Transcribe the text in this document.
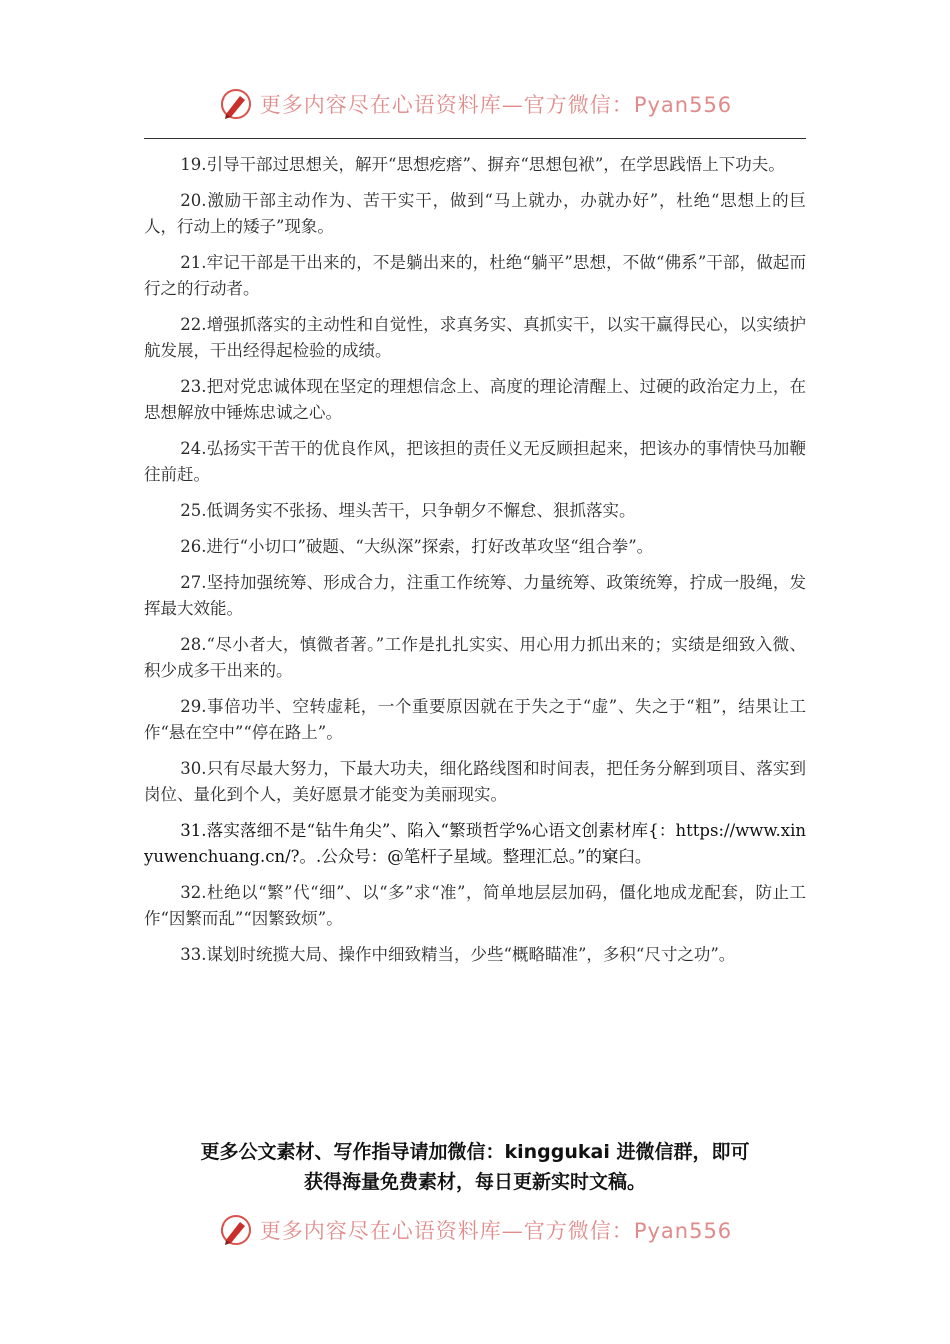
更多内容尽在心语资料库—官方微信：Pyan556

19.引导干部过思想关，解开“思想疙瘩”、摒弃“思想包袱”，在学思践悟上下功夫。

20.激励干部主动作为、苦干实干，做到“马上就办，办就办好”，杜绝“思想上的巨人，行动上的矮子”现象。

21.牢记干部是干出来的，不是躺出来的，杜绝“躺平”思想，不做“佛系”干部，做起而行之的行动者。

22.增强抓落实的主动性和自觉性，求真务实、真抓实干，以实干赢得民心，以实绩护航发展，干出经得起检验的成绩。

23.把对党忠诚体现在坚定的理想信念上、高度的理论清醒上、过硬的政治定力上，在思想解放中锤炼忠诚之心。

24.弘扬实干苦干的优良作风，把该担的责任义无反顾担起来，把该办的事情快马加鞭往前赶。

25.低调务实不张扬、埋头苦干，只争朝夕不懈怠、狠抓落实。

26.进行“小切口”破题、“大纵深”探索，打好改革攻坚“组合拳”。

27.坚持加强统筹、形成合力，注重工作统筹、力量统筹、政策统筹，拧成一股绳，发挥最大效能。

28.“尽小者大，慎微者著。”工作是扎扎实实、用心用力抓出来的；实绩是细致入微、积少成多干出来的。

29.事倍功半、空转虚耗，一个重要原因就在于失之于“虚”、失之于“粗”，结果让工作“悬在空中”“停在路上”。

30.只有尽最大努力，下最大功夫，细化路线图和时间表，把任务分解到项目、落实到岗位、量化到个人，美好愿景才能变为美丽现实。

31.落实落细不是“钻牛角尖”、陷入“繁琐哲学%心语文创素材库{：https://www.xinyuwenchuang.cn/?。.公众号：@笔杆子星域。整理汇总。”的窠臼。

32.杜绝以“繁”代“细”、以“多”求“准”，简单地层层加码，僵化地成龙配套，防止工作“因繁而乱”“因繁致烦”。

33.谋划时统揽大局、操作中细致精当，少些“概略瞄准”，多积“尺寸之功”。

更多公文素材、写作指导请加微信：kinggukai 进微信群，即可
获得海量免费素材，每日更新实时文稿。
更多内容尽在心语资料库—官方微信：Pyan556
